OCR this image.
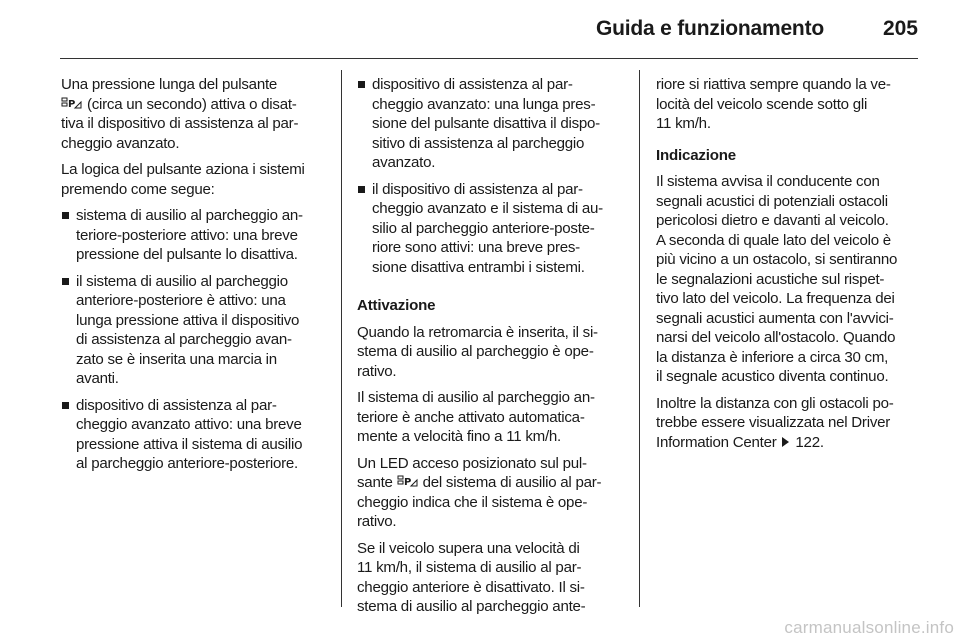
Guida e funzionamento	205

Una pressione lunga del pulsante

P (circa un secondo) attiva o disat-
tiva il dispositivo di assistenza al par-
cheggio avanzato.

La logica del pulsante aziona i sistemi
premendo come segue:

sistema di ausilio al parcheggio an-
teriore-posteriore attivo: una breve
pressione del pulsante lo disattiva.
il sistema di ausilio al parcheggio
anteriore-posteriore è attivo: una
lunga pressione attiva il dispositivo
di assistenza al parcheggio avan-
zato se è inserita una marcia in
avanti.
dispositivo di assistenza al par-
cheggio avanzato attivo: una breve
pressione attiva il sistema di ausilio
al parcheggio anteriore-posteriore.
dispositivo di assistenza al par-
cheggio avanzato: una lunga pres-
sione del pulsante disattiva il dispo-
sitivo di assistenza al parcheggio
avanzato.
il dispositivo di assistenza al par-
cheggio avanzato e il sistema di au-
silio al parcheggio anteriore-poste-
riore sono attivi: una breve pres-
sione disattiva entrambi i sistemi.

Attivazione

Quando la retromarcia è inserita, il si-
stema di ausilio al parcheggio è ope-
rativo.

Il sistema di ausilio al parcheggio an-
teriore è anche attivato automatica-
mente a velocità fino a 11 km/h.

Un LED acceso posizionato sul pul-
sante P del sistema di ausilio al par-
cheggio indica che il sistema è ope-
rativo.

Se il veicolo supera una velocità di
11 km/h, il sistema di ausilio al par-
cheggio anteriore è disattivato. Il si-
stema di ausilio al parcheggio ante-

riore si riattiva sempre quando la ve-
locità del veicolo scende sotto gli
11 km/h.

Indicazione

Il sistema avvisa il conducente con
segnali acustici di potenziali ostacoli
pericolosi dietro e davanti al veicolo.
A seconda di quale lato del veicolo è
più vicino a un ostacolo, si sentiranno
le segnalazioni acustiche sul rispet-
tivo lato del veicolo. La frequenza dei
segnali acustici aumenta con l'avvici-
narsi del veicolo all'ostacolo. Quando
la distanza è inferiore a circa 30 cm,
il segnale acustico diventa continuo.

Inoltre la distanza con gli ostacoli po-
trebbe essere visualizzata nel Driver
Information Center  122.

carmanualsonline.info
